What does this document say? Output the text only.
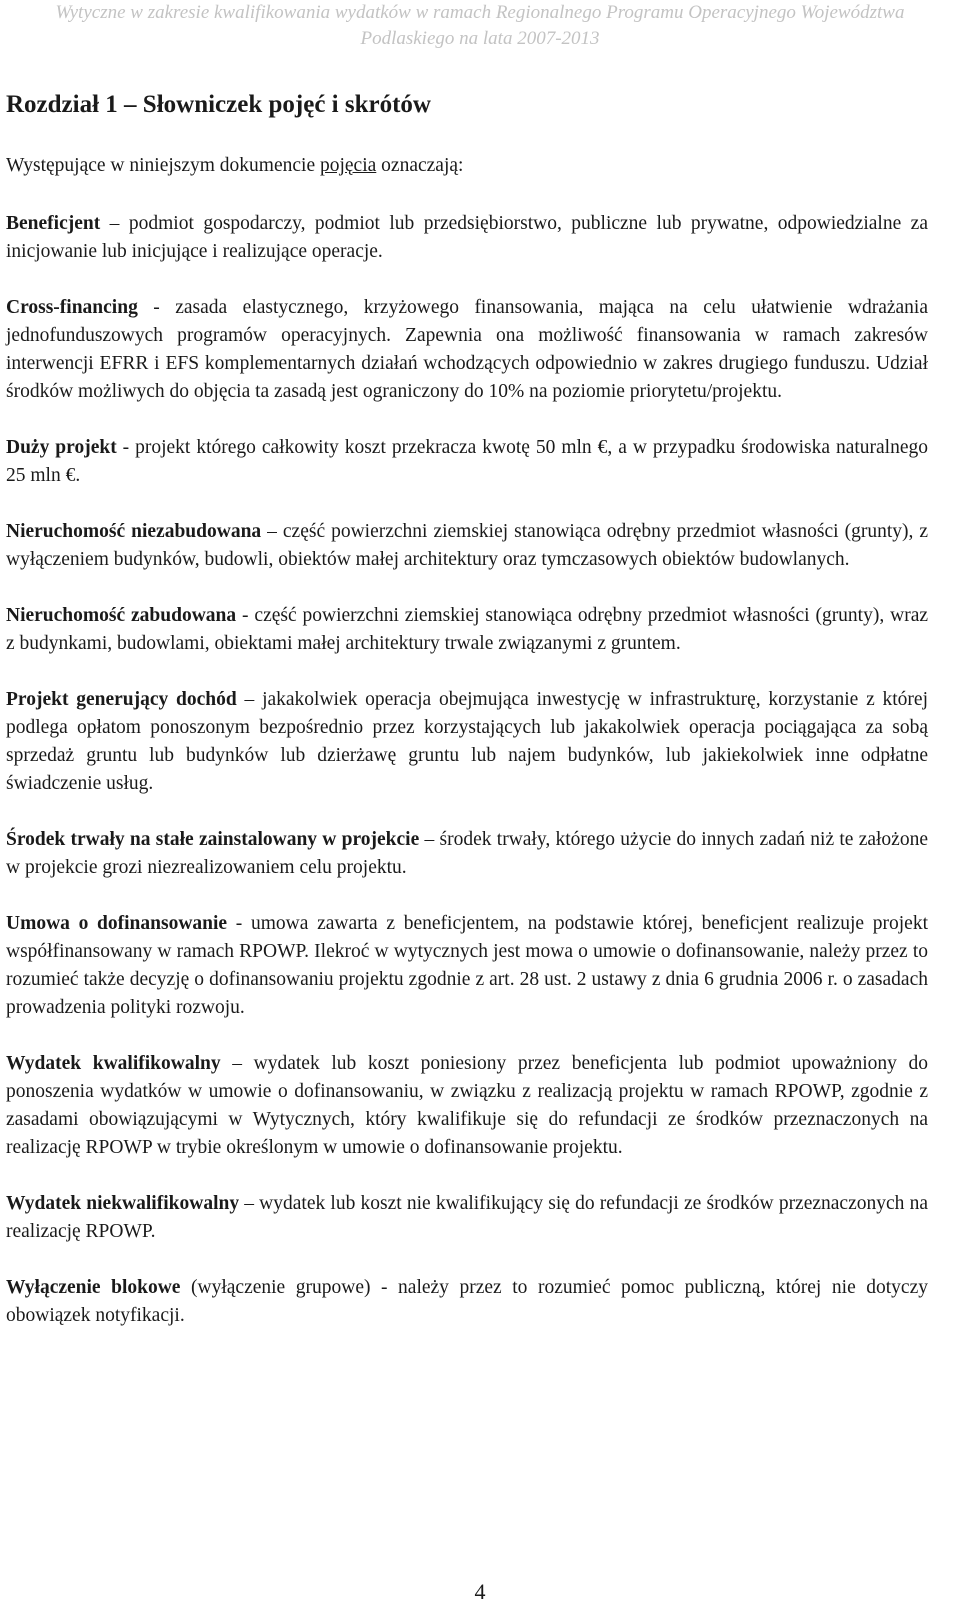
Wytyczne w zakresie kwalifikowania wydatków w ramach Regionalnego Programu Operacyjnego Województwa
Podlaskiego na lata 2007-2013
Rozdział 1 – Słowniczek pojęć i skrótów

Występujące w niniejszym dokumencie pojęcia oznaczają:

Beneficjent – podmiot gospodarczy, podmiot lub przedsiębiorstwo, publiczne lub prywatne, odpowiedzialne za inicjowanie lub inicjujące i realizujące operacje.

Cross-financing - zasada elastycznego, krzyżowego finansowania, mająca na celu ułatwienie wdrażania jednofunduszowych programów operacyjnych. Zapewnia ona możliwość finansowania w ramach zakresów interwencji EFRR i EFS komplementarnych działań wchodzących odpowiednio w zakres drugiego funduszu. Udział środków możliwych do objęcia ta zasadą jest ograniczony do 10% na poziomie priorytetu/projektu.

Duży projekt - projekt którego całkowity koszt przekracza kwotę 50 mln €, a w przypadku środowiska naturalnego 25 mln €.

Nieruchomość niezabudowana – część powierzchni ziemskiej stanowiąca odrębny przedmiot własności (grunty), z wyłączeniem budynków, budowli, obiektów małej architektury oraz tymczasowych obiektów budowlanych.

Nieruchomość zabudowana - część powierzchni ziemskiej stanowiąca odrębny przedmiot własności (grunty), wraz z budynkami, budowlami, obiektami małej architektury trwale związanymi z gruntem.

Projekt generujący dochód – jakakolwiek operacja obejmująca inwestycję w infrastrukturę, korzystanie z której podlega opłatom ponoszonym bezpośrednio przez korzystających lub jakakolwiek operacja pociągająca za sobą sprzedaż gruntu lub budynków lub dzierżawę gruntu lub najem budynków, lub jakiekolwiek inne odpłatne świadczenie usług.

Środek trwały na stałe zainstalowany w projekcie – środek trwały, którego użycie do innych zadań niż te założone w projekcie grozi niezrealizowaniem celu projektu.

Umowa o dofinansowanie - umowa zawarta z beneficjentem, na podstawie której, beneficjent realizuje projekt współfinansowany w ramach RPOWP. Ilekroć w wytycznych jest mowa o umowie o dofinansowanie, należy przez to rozumieć także decyzję o dofinansowaniu projektu zgodnie z art. 28 ust. 2 ustawy z dnia 6 grudnia 2006 r. o zasadach prowadzenia polityki rozwoju.

Wydatek kwalifikowalny – wydatek lub koszt poniesiony przez beneficjenta lub podmiot upoważniony do ponoszenia wydatków w umowie o dofinansowaniu, w związku z realizacją projektu w ramach RPOWP, zgodnie z zasadami obowiązującymi w Wytycznych, który kwalifikuje się do refundacji ze środków przeznaczonych na realizację RPOWP w trybie określonym w umowie o dofinansowanie projektu.

Wydatek niekwalifikowalny – wydatek lub koszt nie kwalifikujący się do refundacji ze środków przeznaczonych na realizację RPOWP.

Wyłączenie blokowe (wyłączenie grupowe) - należy przez to rozumieć pomoc publiczną, której nie dotyczy obowiązek notyfikacji.

4
